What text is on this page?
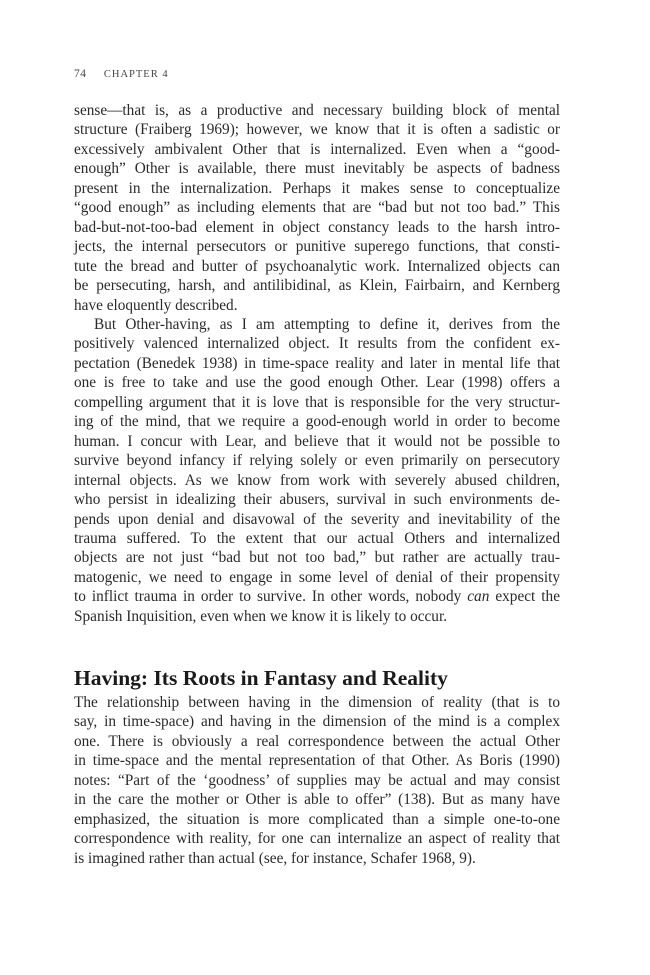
74 CHAPTER 4

sense—that is, as a productive and necessary building block of mental
structure (Fraiberg 1969); however, we know that it is often a sadistic or
excessively ambivalent Other that is internalized. Even when a “good-
enough” Other is available, there must inevitably be aspects of badness
present in the internalization. Perhaps it makes sense to conceptualize
“good enough” as including elements that are “bad but not too bad.” This
bad-but-not-too-bad element in object constancy leads to the harsh intro-
jects, the internal persecutors or punitive superego functions, that consti-
tute the bread and butter of psychoanalytic work. Internalized objects can
be persecuting, harsh, and antilibidinal, as Klein, Fairbairn, and Kernberg
have eloquently described.

But Other-having, as I am attempting to define it, derives from the
positively valenced internalized object. It results from the confident ex-
pectation (Benedek 1938) in time-space reality and later in mental life that
one is free to take and use the good enough Other. Lear (1998) offers a
compelling argument that it is love that is responsible for the very structur-
ing of the mind, that we require a good-enough world in order to become
human. I concur with Lear, and believe that it would not be possible to
survive beyond infancy if relying solely or even primarily on persecutory
internal objects. As we know from work with severely abused children,
who persist in idealizing their abusers, survival in such environments de-
pends upon denial and disavowal of the severity and inevitability of the
trauma suffered. To the extent that our actual Others and internalized
objects are not just “bad but not too bad,” but rather are actually trau-
matogenic, we need to engage in some level of denial of their propensity
to inflict trauma in order to survive. In other words, nobody can expect the
Spanish Inquisition, even when we know it is likely to occur.

Having: Its Roots in Fantasy and Reality

The relationship between having in the dimension of reality (that is to
say, in time-space) and having in the dimension of the mind is a complex
one. There is obviously a real correspondence between the actual Other
in time-space and the mental representation of that Other. As Boris (1990)
notes: “Part of the ‘goodness’ of supplies may be actual and may consist
in the care the mother or Other is able to offer” (138). But as many have
emphasized, the situation is more complicated than a simple one-to-one
correspondence with reality, for one can internalize an aspect of reality that
is imagined rather than actual (see, for instance, Schafer 1968, 9).
